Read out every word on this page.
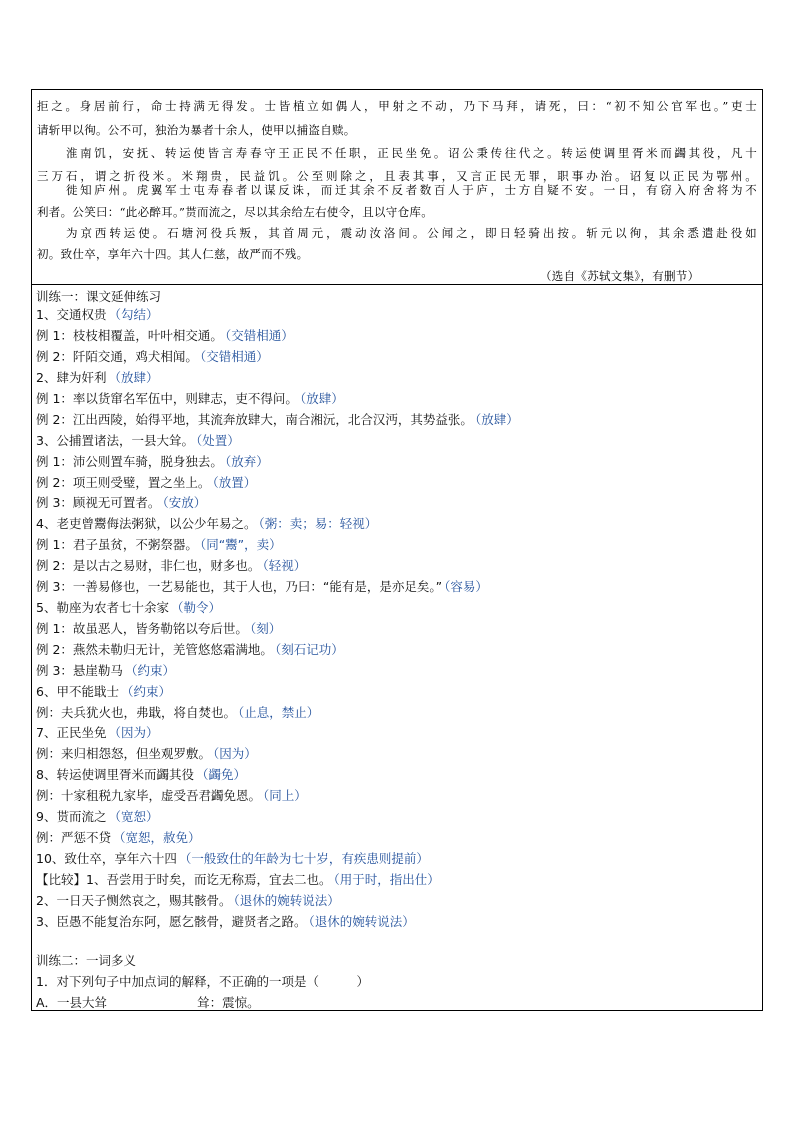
拒之。身居前行，命士持满无得发。士皆植立如偶人，甲射之不动，乃下马拜，请死，曰：“初不知公官军也。”吏士
请斩甲以徇。公不可，独治为暴者十余人，使甲以捕盗自赎。
淮南饥，安抚、转运使皆言寿春守王正民不任职，正民坐免。诏公秉传往代之。转运使调里胥米而蠲其役，凡十
三万石，谓之折役米。米翔贵，民益饥。公至则除之，且表其事，又言正民无罪，职事办治。诏复以正民为鄂州。
徙知庐州。虎翼军士屯寿春者以谋反诛，而迁其余不反者数百人于庐，士方自疑不安。一日，有窃入府舍将为不
利者。公笑曰：“此必醉耳。”贳而流之，尽以其余给左右使令，且以守仓库。
为京西转运使。石塘河役兵叛，其首周元，震动汝洛间。公闻之，即日轻骑出按。斩元以徇，其余悉遣赴役如
初。致仕卒，享年六十四。其人仁慈，故严而不残。
（选自《苏轼文集》，有删节）
训练一：课文延伸练习
1、交通权贵 （勾结）
例 1：枝枝相覆盖，叶叶相交通。 （交错相通）
例 2：阡陌交通，鸡犬相闻。 （交错相通）
2、肆为奸利 （放肆）
例 1：率以货窜名军伍中，则肆志，吏不得问。 （放肆）
例 2：江出西陵，始得平地，其流奔放肆大，南合湘沅，北合汉沔，其势益张。 （放肆）
3、公捕置诸法，一县大耸。 （处置）
例 1：沛公则置车骑，脱身独去。 （放弃）
例 2：项王则受璧，置之坐上。 （放置）
例 3：顾视无可置者。 （安放）
4、老吏曾鬻侮法粥狱，以公少年易之。 （粥：卖；易：轻视）
例 1：君子虽贫，不粥祭器。 （同“鬻”，卖）
例 2：是以古之易财，非仁也，财多也。 （轻视）
例 3：一善易修也，一艺易能也，其于人也，乃曰：“能有是，是亦足矣。” （容易）
5、勒座为农者七十余家 （勒令）
例 1：故虽恶人，皆务勒铭以夸后世。 （刻）
例 2：燕然未勒归无计，羌管悠悠霜满地。 （刻石记功）
例 3：悬崖勒马 （约束）
6、甲不能戢士 （约束）
例：夫兵犹火也，弗戢，将自焚也。 （止息，禁止）
7、正民坐免 （因为）
例：来归相怨怒，但坐观罗敷。 （因为）
8、转运使调里胥米而蠲其役 （蠲免）
例：十家租税九家毕，虚受吾君蠲免恩。 （同上）
9、贳而流之 （宽恕）
例：严惩不贷 （宽恕，赦免）
10、致仕卒，享年六十四 （一般致仕的年龄为七十岁，有疾患则提前）
【比较】1、吾尝用于时矣，而讫无称焉，宜去二也。 （用于时，指出仕）
2、一日天子恻然哀之，赐其骸骨。 （退休的婉转说法）
3、臣愚不能复治东阿，愿乞骸骨，避贤者之路。 （退休的婉转说法）
训练二：一词多义
1．对下列句子中加点词的解释，不正确的一项是（　　　）
A．一县大耸	耸：震惊。
